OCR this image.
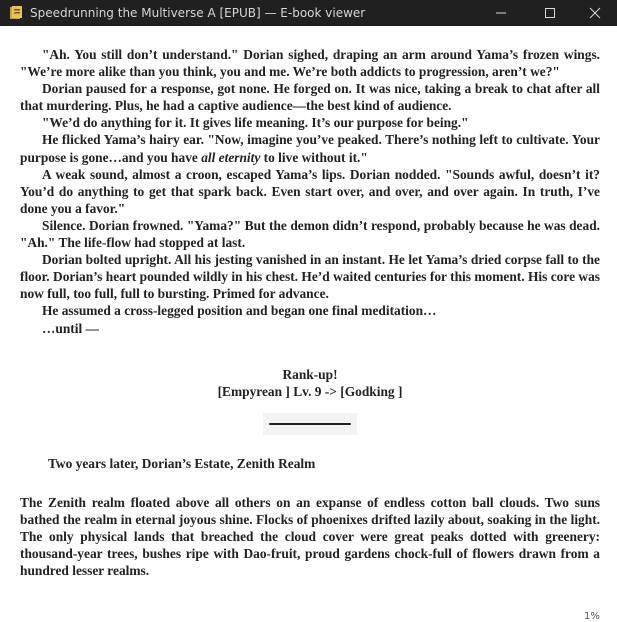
Speedrunning the Multiverse A [EPUB] — E-book viewer

"Ah. You still don’t understand." Dorian sighed, draping an arm around Yama’s frozen wings. "We’re more alike than you think, you and me. We’re both addicts to progression, aren’t we?"

Dorian paused for a response, got none. He forged on. It was nice, taking a break to chat after all that murdering. Plus, he had a captive audience—the best kind of audience.

"We’d do anything for it. It gives life meaning. It’s our purpose for being."

He flicked Yama’s hairy ear. "Now, imagine you’ve peaked. There’s nothing left to cultivate. Your purpose is gone…and you have all eternity to live without it."

A weak sound, almost a croon, escaped Yama’s lips. Dorian nodded. "Sounds awful, doesn’t it? You’d do anything to get that spark back. Even start over, and over, and over again. In truth, I’ve done you a favor."

Silence. Dorian frowned. "Yama?" But the demon didn’t respond, probably because he was dead. "Ah." The life-flow had stopped at last.

Dorian bolted upright. All his jesting vanished in an instant. He let Yama’s dried corpse fall to the floor. Dorian’s heart pounded wildly in his chest. He’d waited centuries for this moment. His core was now full, too full, full to bursting. Primed for advance.

He assumed a cross-legged position and began one final meditation…

…until —

Rank-up!
[Empyrean ] Lv. 9 -> [Godking ]
Two years later, Dorian’s Estate, Zenith Realm

The Zenith realm floated above all others on an expanse of endless cotton ball clouds. Two suns bathed the realm in eternal joyous shine. Flocks of phoenixes drifted lazily about, soaking in the light. The only physical lands that breached the cloud cover were great peaks dotted with greenery: thousand-year trees, bushes ripe with Dao-fruit, proud gardens chock-full of flowers drawn from a hundred lesser realms.

1%
